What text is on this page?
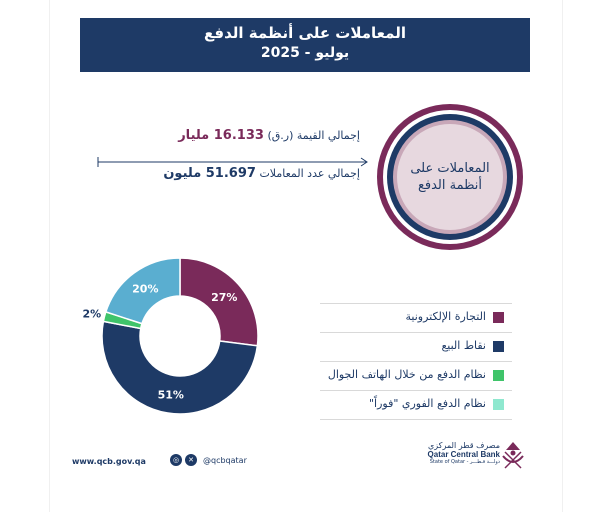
المعاملات على أنظمة الدفع
يوليو - 2025
المعاملات على أنظمة الدفع
إجمالي القيمة (ر.ق) 16.133 مليار
إجمالي عدد المعاملات 51.697 مليون
27%
51%
2%
20%
التجارة الإلكترونية
نقاط البيع
نظام الدفع من خلال الهاتف الجوال
نظام الدفع الفوري "فوراً"
www.qcb.gov.qa	◎	✕	@qcbqatar
مصرف قطر المركزي
Qatar Central Bank
State of Qatar - دولـــة قـطـــر
